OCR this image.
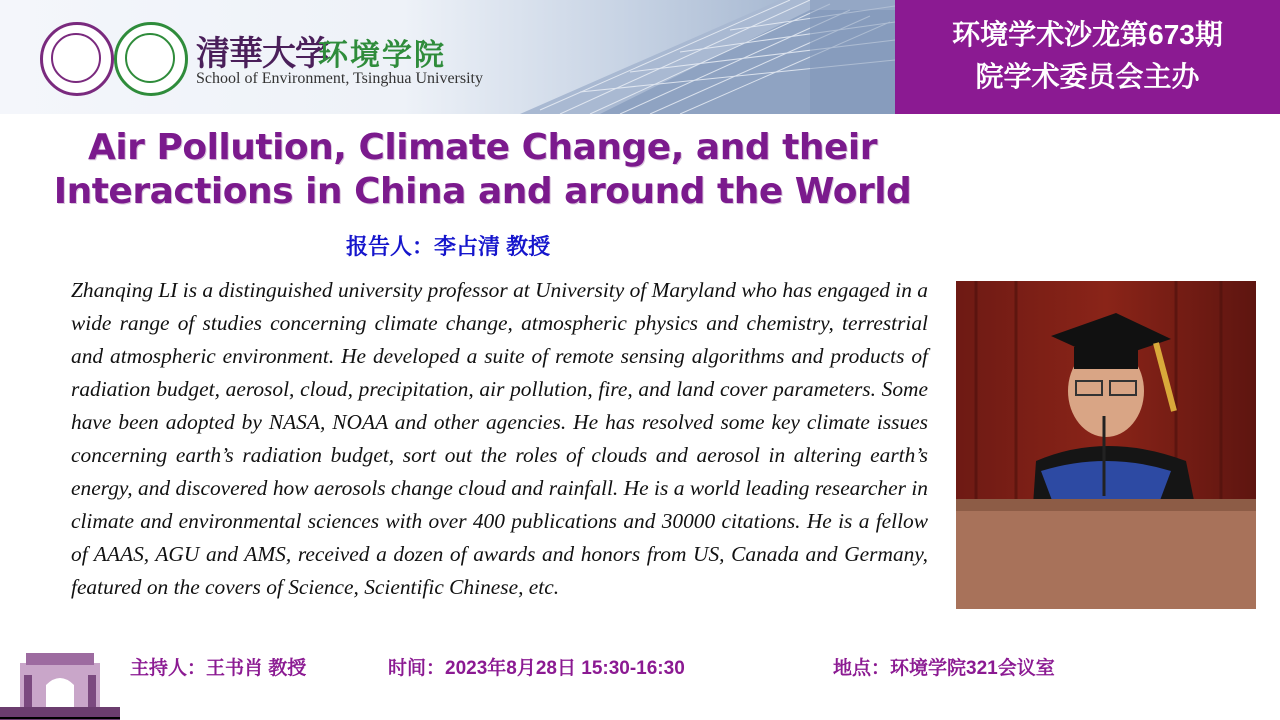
清華大学
环境学院
School of Environment, Tsinghua University
环境学术沙龙第673期
院学术委员会主办
Air Pollution, Climate Change, and their
Interactions in China and around the World
报告人：李占清 教授

Zhanqing LI is a distinguished university professor at University of Maryland who has engaged in a wide range of studies concerning climate change, atmospheric physics and chemistry, terrestrial and atmospheric environment. He developed a suite of remote sensing algorithms and products of radiation budget, aerosol, cloud, precipitation, air pollution, fire, and land cover parameters. Some have been adopted by NASA, NOAA and other agencies. He has resolved some key climate issues concerning earth’s radiation budget, sort out the roles of clouds and aerosol in altering earth’s energy, and discovered how aerosols change cloud and rainfall. He is a world leading researcher in climate and environmental sciences with over 400 publications and 30000 citations. He is a fellow of AAAS, AGU and AMS, received a dozen of awards and honors from US, Canada and Germany, featured on the covers of Science, Scientific Chinese, etc.

主持人：王书肖 教授	时间：2023年8月28日 15:30-16:30	地点：环境学院321会议室
